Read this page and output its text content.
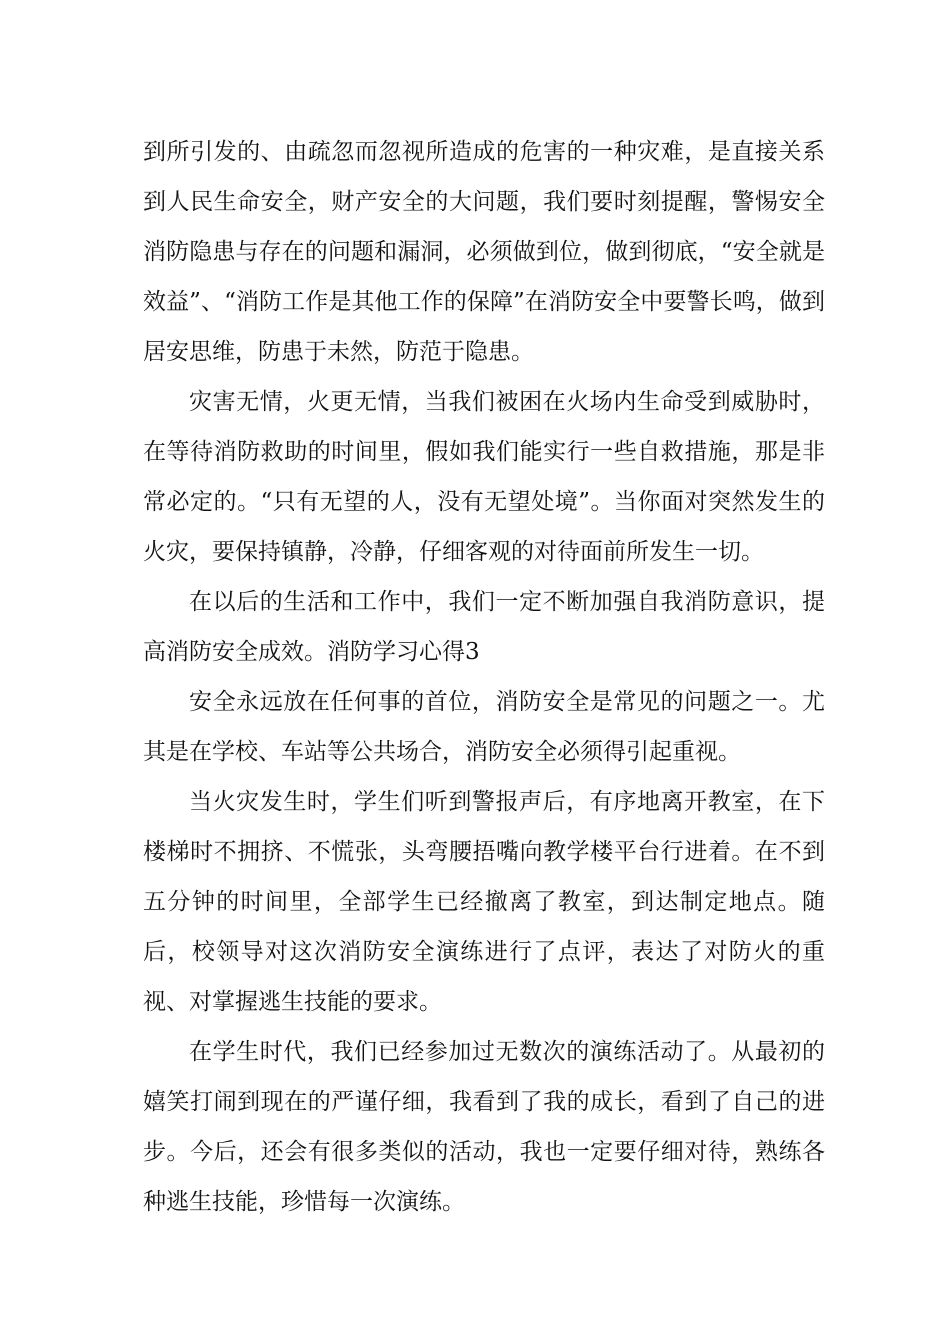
到所引发的、由疏忽而忽视所造成的危害的一种灾难，是直接关系到人民生命安全，财产安全的大问题，我们要时刻提醒，警惕安全消防隐患与存在的问题和漏洞，必须做到位，做到彻底，“安全就是效益”、“消防工作是其他工作的保障”在消防安全中要警长鸣，做到居安思维，防患于未然，防范于隐患。

灾害无情，火更无情，当我们被困在火场内生命受到威胁时，在等待消防救助的时间里，假如我们能实行一些自救措施，那是非常必定的。“只有无望的人，没有无望处境”。当你面对突然发生的火灾，要保持镇静，冷静，仔细客观的对待面前所发生一切。

在以后的生活和工作中，我们一定不断加强自我消防意识，提高消防安全成效。消防学习心得3

安全永远放在任何事的首位，消防安全是常见的问题之一。尤其是在学校、车站等公共场合，消防安全必须得引起重视。

当火灾发生时，学生们听到警报声后，有序地离开教室，在下楼梯时不拥挤、不慌张，头弯腰捂嘴向教学楼平台行进着。在不到五分钟的时间里，全部学生已经撤离了教室，到达制定地点。随后，校领导对这次消防安全演练进行了点评，表达了对防火的重视、对掌握逃生技能的要求。

在学生时代，我们已经参加过无数次的演练活动了。从最初的嬉笑打闹到现在的严谨仔细，我看到了我的成长，看到了自己的进步。今后，还会有很多类似的活动，我也一定要仔细对待，熟练各种逃生技能，珍惜每一次演练。
